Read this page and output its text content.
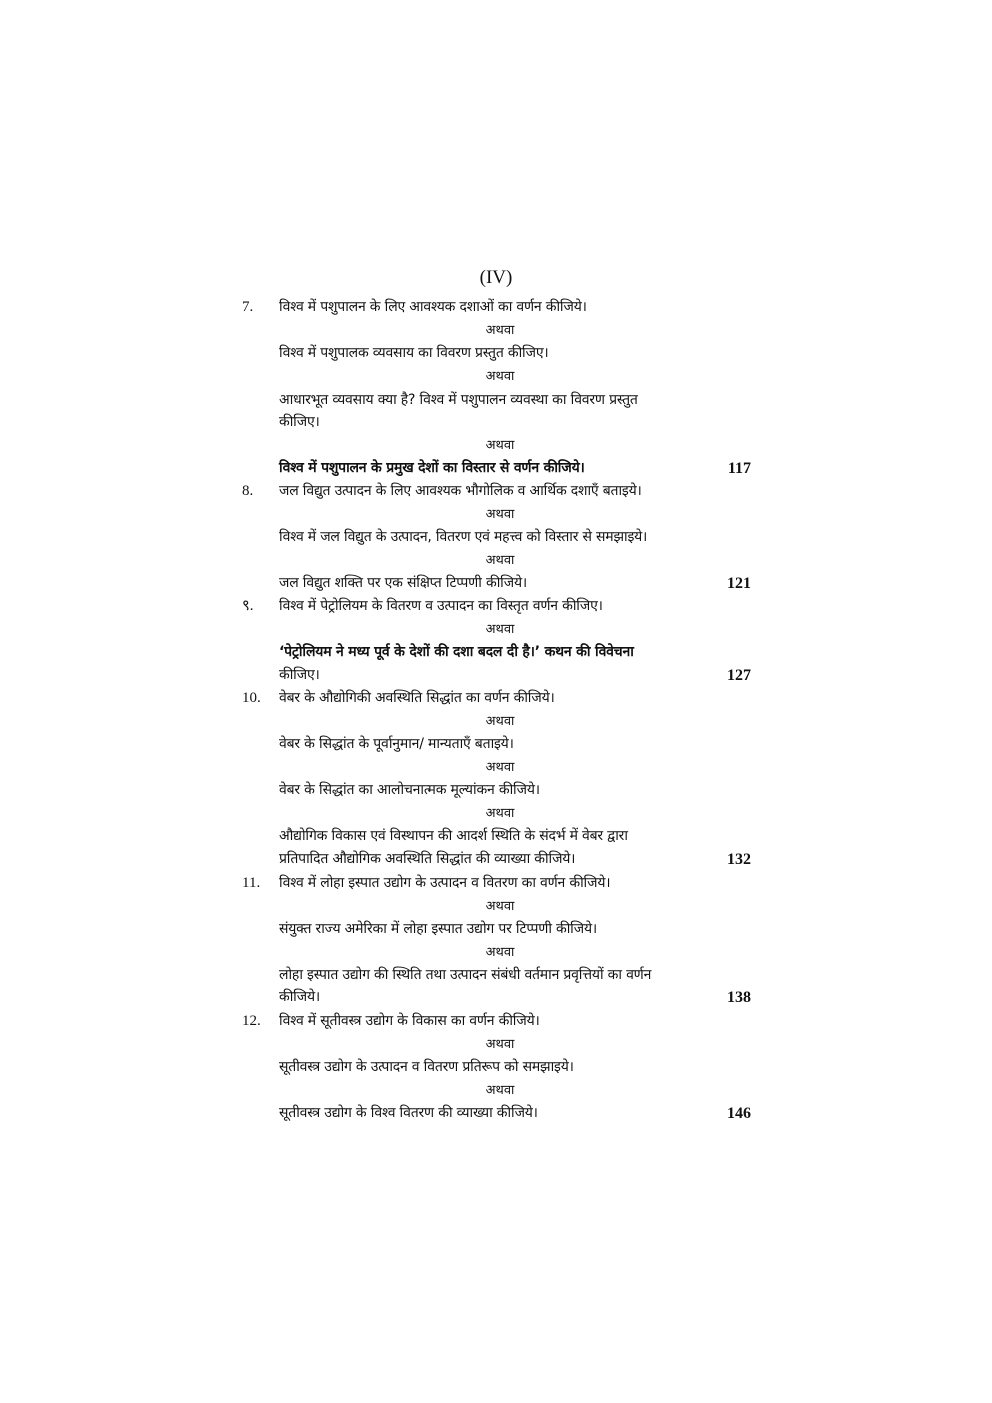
(IV)
7. विश्व में पशुपालन के लिए आवश्यक दशाओं का वर्णन कीजिये।
अथवा
विश्व में पशुपालक व्यवसाय का विवरण प्रस्तुत कीजिए।
अथवा
आधारभूत व्यवसाय क्या है? विश्व में पशुपालन व्यवस्था का विवरण प्रस्तुत
कीजिए।
अथवा
विश्व में पशुपालन के प्रमुख देशों का विस्तार से वर्णन कीजिये।	117
8. जल विद्युत उत्पादन के लिए आवश्यक भौगोलिक व आर्थिक दशाएँ बताइये।
अथवा
विश्व में जल विद्युत के उत्पादन, वितरण एवं महत्त्व को विस्तार से समझाइये।
अथवा
जल विद्युत शक्ति पर एक संक्षिप्त टिप्पणी कीजिये।	121
९. विश्व में पेट्रोलियम के वितरण व उत्पादन का विस्तृत वर्णन कीजिए।
अथवा
‘पेट्रोलियम ने मध्य पूर्व के देशों की दशा बदल दी है।’ कथन की विवेचना
कीजिए।	127
10. वेबर के औद्योगिकी अवस्थिति सिद्धांत का वर्णन कीजिये।
अथवा
वेबर के सिद्धांत के पूर्वानुमान/ मान्यताएँ बताइये।
अथवा
वेबर के सिद्धांत का आलोचनात्मक मूल्यांकन कीजिये।
अथवा
औद्योगिक विकास एवं विस्थापन की आदर्श स्थिति के संदर्भ में वेबर द्वारा
प्रतिपादित औद्योगिक अवस्थिति सिद्धांत की व्याख्या कीजिये।	132
11. विश्व में लोहा इस्पात उद्योग के उत्पादन व वितरण का वर्णन कीजिये।
अथवा
संयुक्त राज्य अमेरिका में लोहा इस्पात उद्योग पर टिप्पणी कीजिये।
अथवा
लोहा इस्पात उद्योग की स्थिति तथा उत्पादन संबंधी वर्तमान प्रवृत्तियों का वर्णन
कीजिये।	138
12. विश्व में सूतीवस्त्र उद्योग के विकास का वर्णन कीजिये।
अथवा
सूतीवस्त्र उद्योग के उत्पादन व वितरण प्रतिरूप को समझाइये।
अथवा
सूतीवस्त्र उद्योग के विश्व वितरण की व्याख्या कीजिये।	146
